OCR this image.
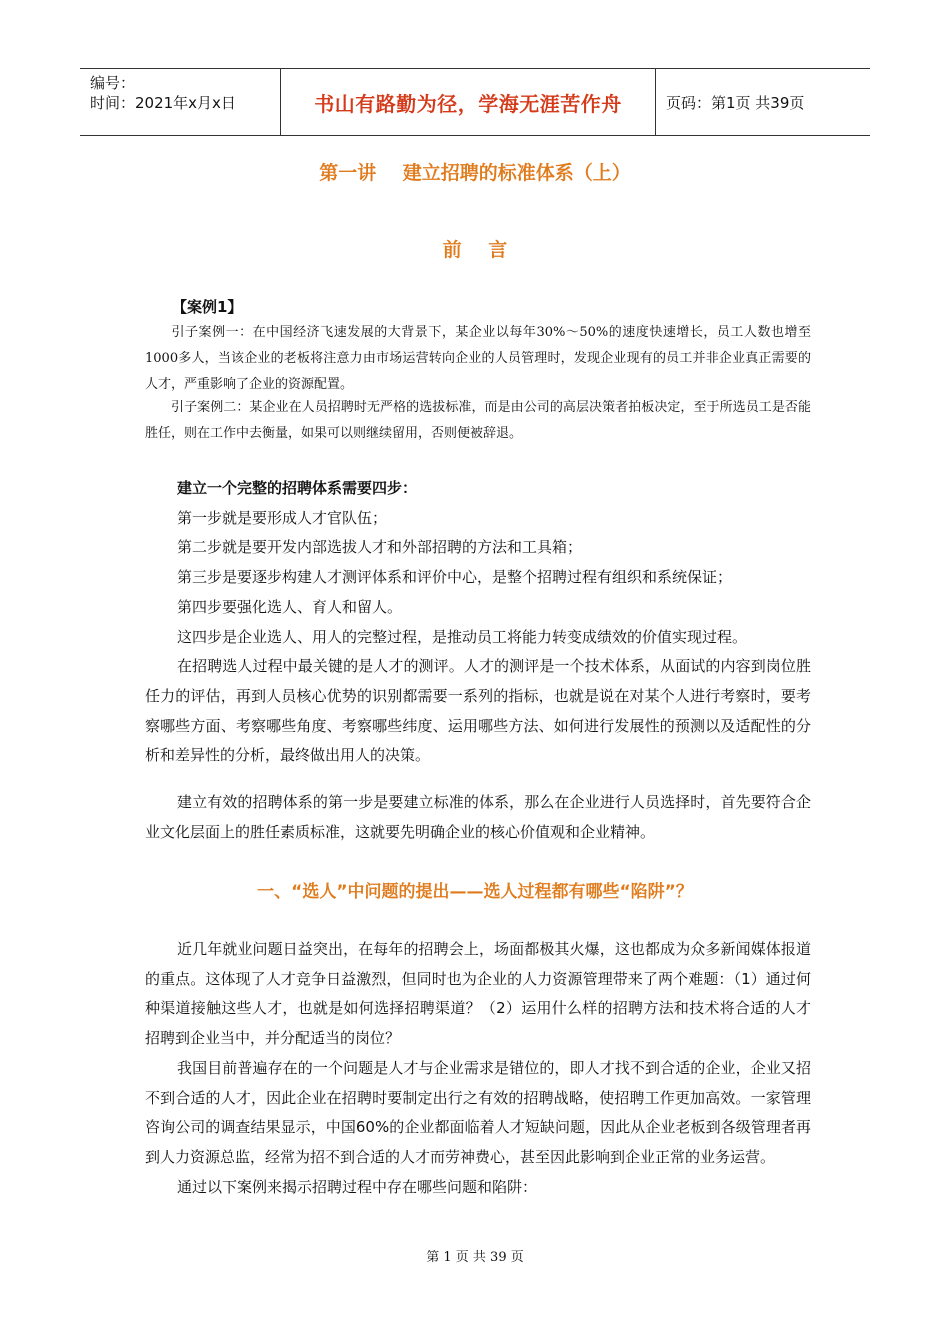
编号：
时间：2021年x月x日	书山有路勤为径，学海无涯苦作舟	页码：第1页 共39页
第一讲    建立招聘的标准体系（上）
前    言
【案例1】
引子案例一：在中国经济飞速发展的大背景下，某企业以每年30%～50%的速度快速增长，员工人数也增至1000多人，当该企业的老板将注意力由市场运营转向企业的人员管理时，发现企业现有的员工并非企业真正需要的人才，严重影响了企业的资源配置。
引子案例二：某企业在人员招聘时无严格的选拔标准，而是由公司的高层决策者拍板决定，至于所选员工是否能胜任，则在工作中去衡量，如果可以则继续留用，否则便被辞退。

建立一个完整的招聘体系需要四步：

第一步就是要形成人才官队伍；

第二步就是要开发内部选拔人才和外部招聘的方法和工具箱；

第三步是要逐步构建人才测评体系和评价中心，是整个招聘过程有组织和系统保证；

第四步要强化选人、育人和留人。

这四步是企业选人、用人的完整过程，是推动员工将能力转变成绩效的价值实现过程。

在招聘选人过程中最关键的是人才的测评。人才的测评是一个技术体系，从面试的内容到岗位胜任力的评估，再到人员核心优势的识别都需要一系列的指标，也就是说在对某个人进行考察时，要考察哪些方面、考察哪些角度、考察哪些纬度、运用哪些方法、如何进行发展性的预测以及适配性的分析和差异性的分析，最终做出用人的决策。

建立有效的招聘体系的第一步是要建立标准的体系，那么在企业进行人员选择时，首先要符合企业文化层面上的胜任素质标准，这就要先明确企业的核心价值观和企业精神。

一、“选人”中问题的提出——选人过程都有哪些“陷阱”？

近几年就业问题日益突出，在每年的招聘会上，场面都极其火爆，这也都成为众多新闻媒体报道的重点。这体现了人才竞争日益激烈，但同时也为企业的人力资源管理带来了两个难题：（1）通过何种渠道接触这些人才，也就是如何选择招聘渠道？（2）运用什么样的招聘方法和技术将合适的人才招聘到企业当中，并分配适当的岗位？

我国目前普遍存在的一个问题是人才与企业需求是错位的，即人才找不到合适的企业，企业又招不到合适的人才，因此企业在招聘时要制定出行之有效的招聘战略，使招聘工作更加高效。一家管理咨询公司的调查结果显示，中国60%的企业都面临着人才短缺问题，因此从企业老板到各级管理者再到人力资源总监，经常为招不到合适的人才而劳神费心，甚至因此影响到企业正常的业务运营。

通过以下案例来揭示招聘过程中存在哪些问题和陷阱：

第 1 页 共 39 页
